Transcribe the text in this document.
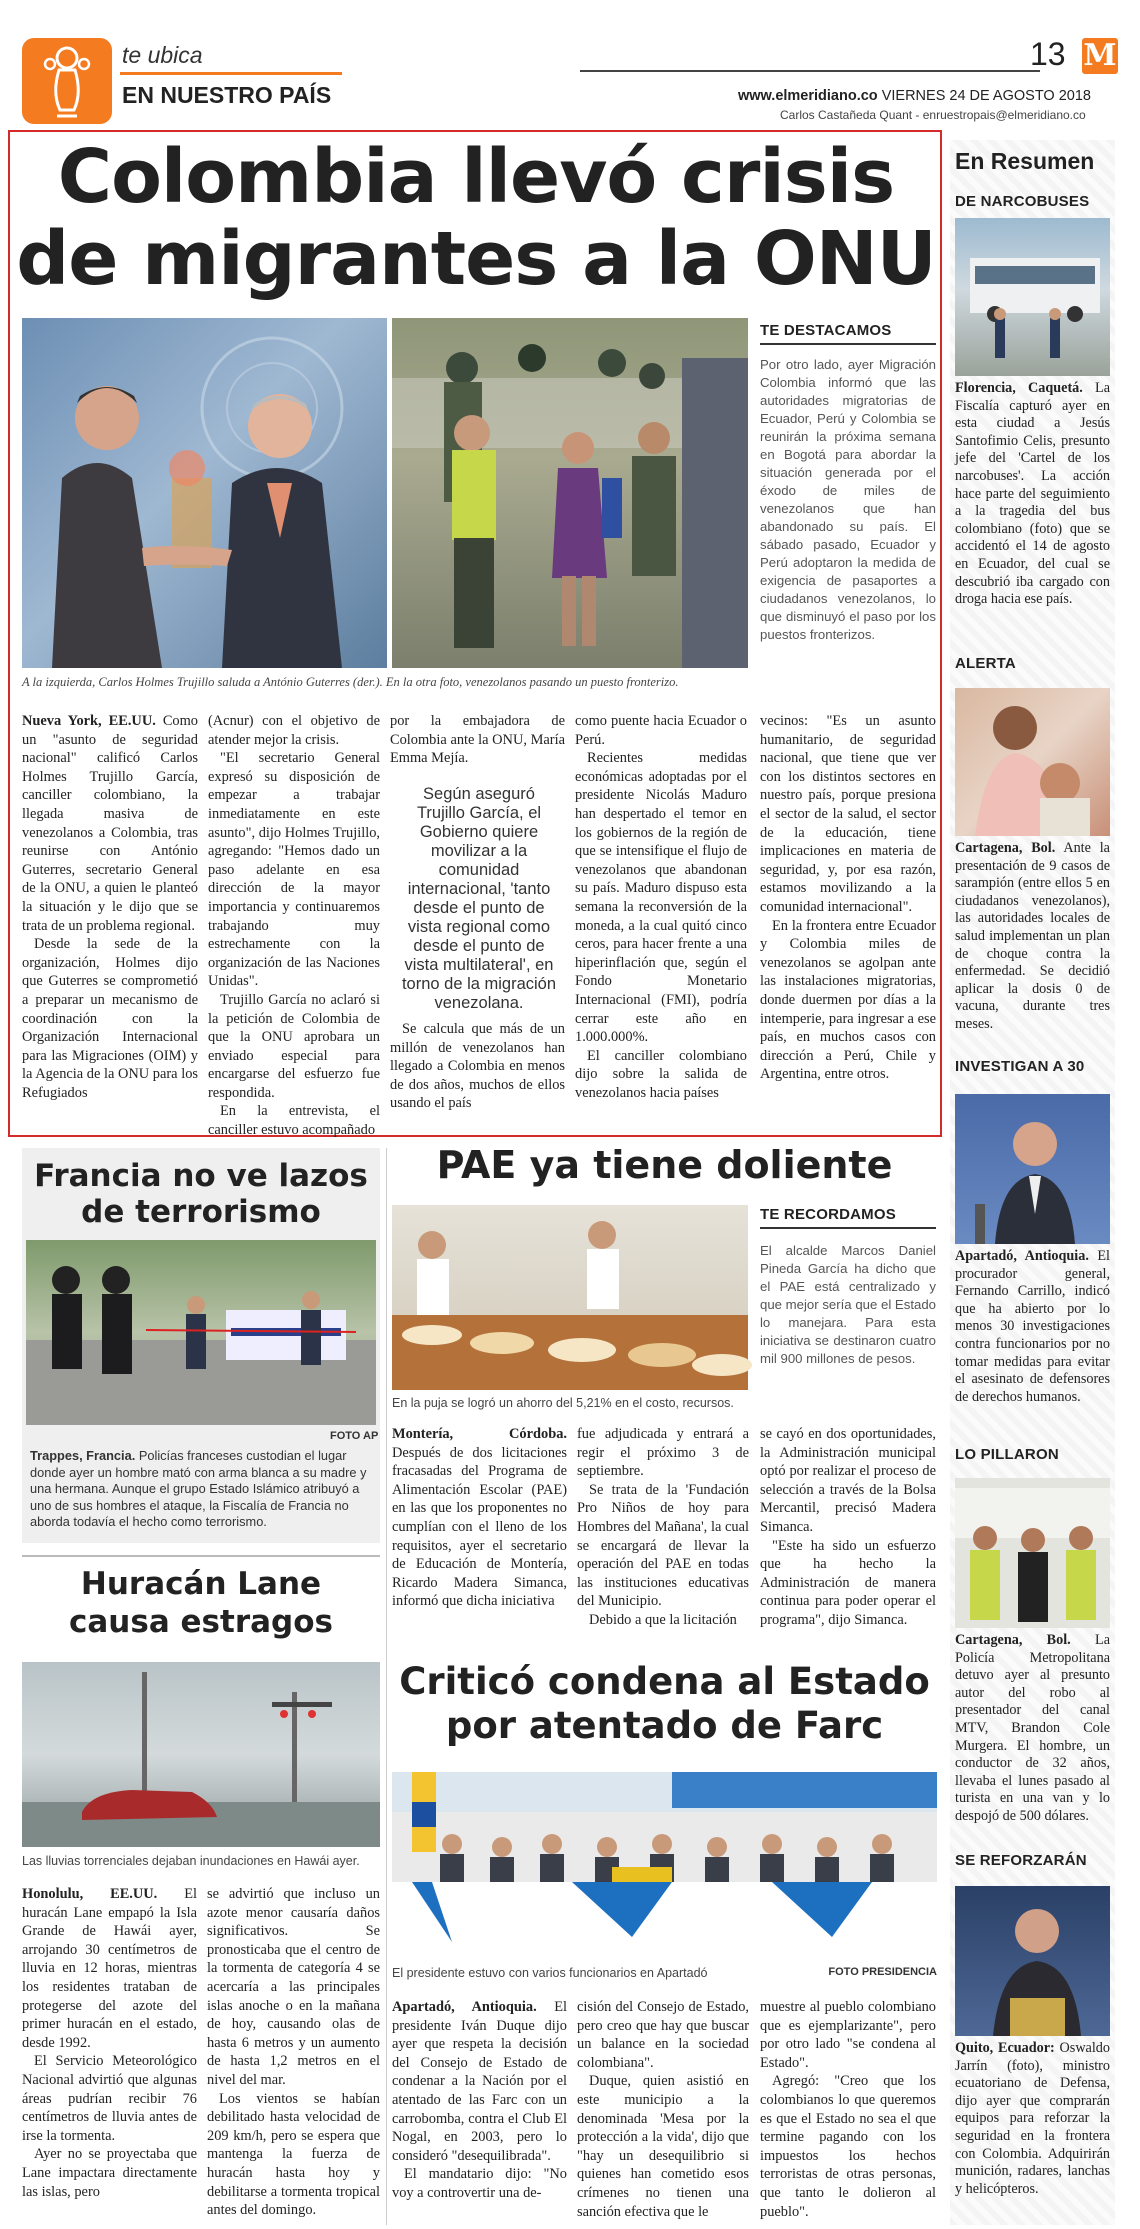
te ubica
EN NUESTRO PAÍS
13 M
www.elmeridiano.co VIERNES 24 DE AGOSTO 2018
Carlos Castañeda Quant - enruestropais@elmeridiano.co
Colombia llevó crisis
de migrantes a la ONU
A la izquierda, Carlos Holmes Trujillo saluda a António Guterres (der.). En la otra foto, venezolanos pasando un puesto fronterizo.
TE DESTACAMOS
Por otro lado, ayer Migración Colombia informó que las autoridades migratorias de Ecuador, Perú y Colombia se reunirán la próxima semana en Bogotá para abordar la situación generada por el éxodo de miles de venezolanos que han abandonado su país. El sábado pasado, Ecuador y Perú adoptaron la medida de exigencia de pasaportes a ciudadanos venezolanos, lo que disminuyó el paso por los puestos fronterizos.

Nueva York, EE.UU. Como un "asunto de seguridad nacional" calificó Carlos Holmes Trujillo García, canciller colombiano, la llegada masiva de venezolanos a Colombia, tras reunirse con António Guterres, secretario General de la ONU, a quien le planteó la situación y le dijo que se trata de un problema regional.

Desde la sede de la organización, Holmes dijo que Guterres se comprometió a preparar un mecanismo de coordinación con la Organización Internacional para las Migraciones (OIM) y la Agencia de la ONU para los Refugiados

(Acnur) con el objetivo de atender mejor la crisis.

"El secretario General expresó su disposición de empezar a trabajar inmediatamente en este asunto", dijo Holmes Trujillo, agregando: "Hemos dado un paso adelante en esa dirección de la mayor importancia y continuaremos trabajando muy estrechamente con la organización de las Naciones Unidas".

Trujillo García no aclaró si la petición de Colombia de que la ONU aprobara un enviado especial para encargarse del esfuerzo fue respondida.

En la entrevista, el canciller estuvo acompañado

por la embajadora de Colombia ante la ONU, María Emma Mejía.

Según aseguró Trujillo García, el Gobierno quiere movilizar a la comunidad internacional, 'tanto desde el punto de vista regional como desde el punto de vista multilateral', en torno de la migración venezolana.

Se calcula que más de un millón de venezolanos han llegado a Colombia en menos de dos años, muchos de ellos usando el país

como puente hacia Ecuador o Perú.

Recientes medidas económicas adoptadas por el presidente Nicolás Maduro han despertado el temor en los gobiernos de la región de que se intensifique el flujo de venezolanos que abandonan su país. Maduro dispuso esta semana la reconversión de la moneda, a la cual quitó cinco ceros, para hacer frente a una hiperinflación que, según el Fondo Monetario Internacional (FMI), podría cerrar este año en 1.000.000%.

El canciller colombiano dijo sobre la salida de venezolanos hacia países

vecinos: "Es un asunto humanitario, de seguridad nacional, que tiene que ver con los distintos sectores en nuestro país, porque presiona el sector de la salud, el sector de la educación, tiene implicaciones en materia de seguridad, y, por esa razón, estamos movilizando a la comunidad internacional".

En la frontera entre Ecuador y Colombia miles de venezolanos se agolpan ante las instalaciones migratorias, donde duermen por días a la intemperie, para ingresar a ese país, en muchos casos con dirección a Perú, Chile y Argentina, entre otros.

En Resumen
DE NARCOBUSES
Florencia, Caquetá. La Fiscalía capturó ayer en esta ciudad a Jesús Santofimio Celis, presunto jefe del 'Cartel de los narcobuses'. La acción hace parte del seguimiento a la tragedia del bus colombiano (foto) que se accidentó el 14 de agosto en Ecuador, del cual se descubrió iba cargado con droga hacia ese país.
ALERTA
Cartagena, Bol. Ante la presentación de 9 casos de sarampión (entre ellos 5 en ciudadanos venezolanos), las autoridades locales de salud implementan un plan de choque contra la enfermedad. Se decidió aplicar la dosis 0 de vacuna, durante tres meses.
INVESTIGAN A 30
Apartadó, Antioquia. El procurador general, Fernando Carrillo, indicó que ha abierto por lo menos 30 investigaciones contra funcionarios por no tomar medidas para evitar el asesinato de defensores de derechos humanos.
LO PILLARON
Cartagena, Bol. La Policía Metropolitana detuvo ayer al presunto autor del robo al presentador del canal MTV, Brandon Cole Murgera. El hombre, un conductor de 32 años, llevaba el lunes pasado al turista en una van y lo despojó de 500 dólares.
SE REFORZARÁN
Quito, Ecuador: Oswaldo Jarrín (foto), ministro ecuatoriano de Defensa, dijo ayer que comprarán equipos para reforzar la seguridad en la frontera con Colombia. Adquirirán munición, radares, lanchas y helicópteros.
Francia no ve lazos
de terrorismo
FOTO AP
Trappes, Francia. Policías franceses custodian el lugar donde ayer un hombre mató con arma blanca a su madre y una hermana. Aunque el grupo Estado Islámico atribuyó a uno de sus hombres el ataque, la Fiscalía de Francia no aborda todavía el hecho como terrorismo.
Huracán Lane
causa estragos
Las lluvias torrenciales dejaban inundaciones en Hawái ayer.

Honolulu, EE.UU. El huracán Lane empapó la Isla Grande de Hawái ayer, arrojando 30 centímetros de lluvia en 12 horas, mientras los residentes trataban de protegerse del azote del primer huracán en el estado, desde 1992.

El Servicio Meteorológico Nacional advirtió que algunas áreas pudrían recibir 76 centímetros de lluvia antes de irse la tormenta.

Ayer no se proyectaba que Lane impactara directamente las islas, pero

se advirtió que incluso un azote menor causaría daños significativos. Se pronosticaba que el centro de la tormenta de categoría 4 se acercaría a las principales islas anoche o en la mañana de hoy, causando olas de hasta 6 metros y un aumento de hasta 1,2 metros en el nivel del mar.

Los vientos se habían debilitado hasta velocidad de 209 km/h, pero se espera que mantenga la fuerza de huracán hasta hoy y debilitarse a tormenta tropical antes del domingo.

PAE ya tiene doliente
En la puja se logró un ahorro del 5,21% en el costo, recursos.
TE RECORDAMOS
El alcalde Marcos Daniel Pineda García ha dicho que el PAE está centralizado y que mejor sería que el Estado lo manejara. Para esta iniciativa se destinaron cuatro mil 900 millones de pesos.

Montería, Córdoba. Después de dos licitaciones fracasadas del Programa de Alimentación Escolar (PAE) en las que los proponentes no cumplían con el lleno de los requisitos, ayer el secretario de Educación de Montería, Ricardo Madera Simanca, informó que dicha iniciativa

fue adjudicada y entrará a regir el próximo 3 de septiembre.

Se trata de la 'Fundación Pro Niños de hoy para Hombres del Mañana', la cual se encargará de llevar la operación del PAE en todas las instituciones educativas del Municipio.

Debido a que la licitación

se cayó en dos oportunidades, la Administración municipal optó por realizar el proceso de selección a través de la Bolsa Mercantil, precisó Madera Simanca.

"Este ha sido un esfuerzo que ha hecho la Administración de manera continua para poder operar el programa", dijo Simanca.

Criticó condena al Estado
por atentado de Farc
El presidente estuvo con varios funcionarios en Apartadó	FOTO PRESIDENCIA

Apartadó, Antioquia. El presidente Iván Duque dijo ayer que respeta la decisión del Consejo de Estado de condenar a la Nación por el atentado de las Farc con un carrobomba, contra el Club El Nogal, en 2003, pero lo consideró "desequilibrada".

El mandatario dijo: "No voy a controvertir una de-

cisión del Consejo de Estado, pero creo que hay que buscar un balance en la sociedad colombiana".

Duque, quien asistió en este municipio a la denominada 'Mesa por la protección a la vida', dijo que "hay un desequilibrio si quienes han cometido esos crímenes no tienen una sanción efectiva que le

muestre al pueblo colombiano que es ejemplarizante", pero por otro lado "se condena al Estado".

Agregó: "Creo que los colombianos lo que queremos es que el Estado no sea el que termine pagando con los impuestos los hechos terroristas de otras personas, que tanto le dolieron al pueblo".
